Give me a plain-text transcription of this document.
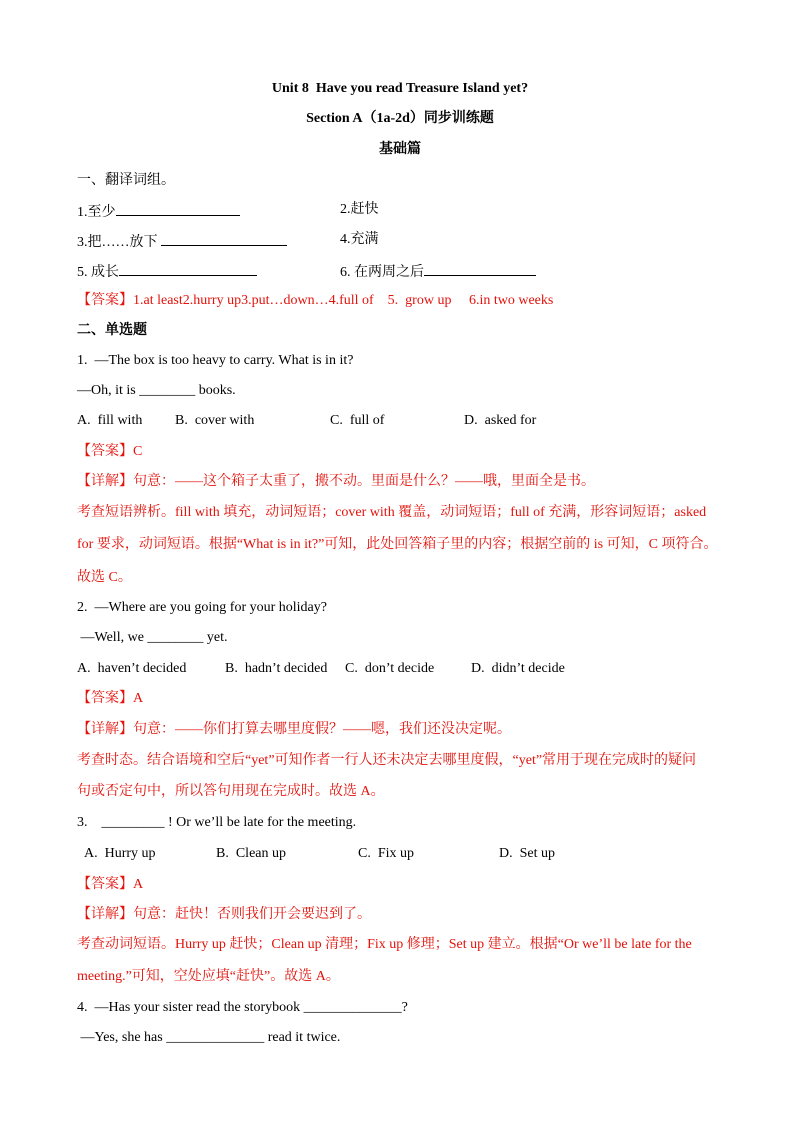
Unit 8  Have you read Treasure Island yet?
Section A（1a-2d）同步训练题
基础篇
一、翻译词组。
1.至少	2.赶快
3.把……放下	4.充满
5. 成长	6. 在两周之后
【答案】1.at least2.hurry up3.put…down…4.full of    5.  grow up     6.in two weeks
二、单选题
1.  —The box is too heavy to carry. What is in it?
—Oh, it is ________ books.
A.  fill with B.  cover with	C.  full of	D.  asked for
【答案】C
【详解】句意：——这个箱子太重了，搬不动。里面是什么？——哦，里面全是书。
考查短语辨析。fill with 填充，动词短语；cover with 覆盖，动词短语；full of 充满，形容词短语；asked
for 要求，动词短语。根据“What is in it?”可知，此处回答箱子里的内容；根据空前的 is 可知，C 项符合。
故选 C。
2.  —Where are you going for your holiday?
—Well, we ________ yet.
A.  haven’t decided	B.  hadn’t decided C.  don’t decide	D.  didn’t decide
【答案】A
【详解】句意：——你们打算去哪里度假？——嗯，我们还没决定呢。
考查时态。结合语境和空后“yet”可知作者一行人还未决定去哪里度假，“yet”常用于现在完成时的疑问
句或否定句中，所以答句用现在完成时。故选 A。
3.    _________ ! Or we’ll be late for the meeting.
A.  Hurry up	B.  Clean up	C.  Fix up	D.  Set up
【答案】A
【详解】句意：赶快！否则我们开会要迟到了。
考查动词短语。Hurry up 赶快；Clean up 清理；Fix up 修理；Set up 建立。根据“Or we’ll be late for the
meeting.”可知，空处应填“赶快”。故选 A。
4.  —Has your sister read the storybook ______________?
—Yes, she has ______________ read it twice.
